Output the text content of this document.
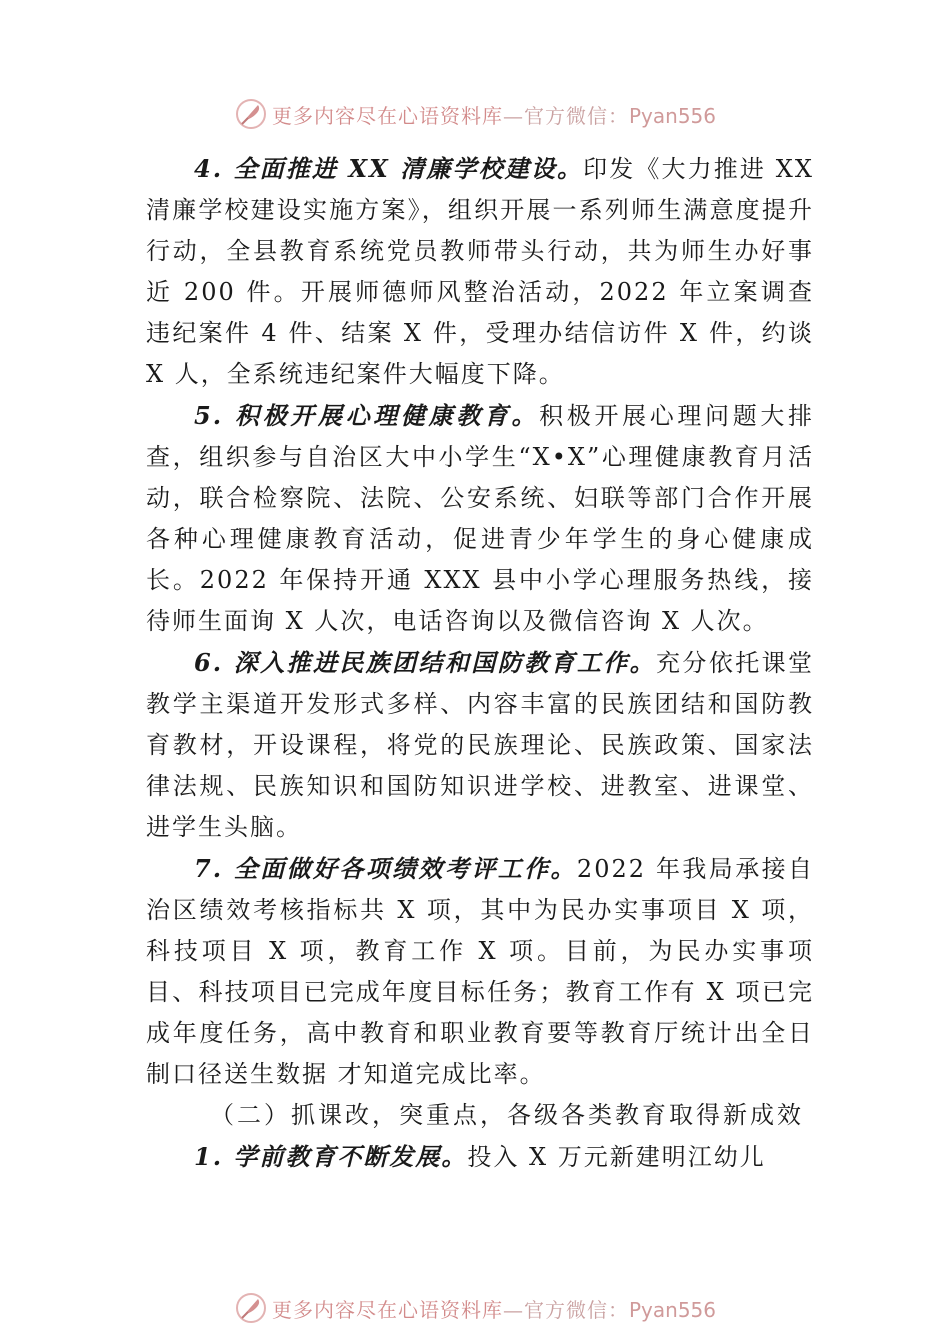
更多内容尽在心语资料库—官方微信：Pyan556

4. 全面推进 XX 清廉学校建设。印发《大力推进 XX 清廉学校建设实施方案》，组织开展一系列师生满意度提升行动，全县教育系统党员教师带头行动，共为师生办好事近 200 件。开展师德师风整治活动，2022 年立案调查违纪案件 4 件、结案 X 件，受理办结信访件 X 件，约谈 X 人，全系统违纪案件大幅度下降。

5. 积极开展心理健康教育。积极开展心理问题大排查，组织参与自治区大中小学生“X•X”心理健康教育月活动，联合检察院、法院、公安系统、妇联等部门合作开展各种心理健康教育活动，促进青少年学生的身心健康成长。2022 年保持开通 XXX 县中小学心理服务热线，接待师生面询 X 人次，电话咨询以及微信咨询 X 人次。

6. 深入推进民族团结和国防教育工作。充分依托课堂教学主渠道开发形式多样、内容丰富的民族团结和国防教育教材，开设课程，将党的民族理论、民族政策、国家法律法规、民族知识和国防知识进学校、进教室、进课堂、进学生头脑。

7. 全面做好各项绩效考评工作。2022 年我局承接自治区绩效考核指标共 X 项，其中为民办实事项目 X 项，科技项目 X 项，教育工作 X 项。目前，为民办实事项目、科技项目已完成年度目标任务；教育工作有 X 项已完成年度任务，高中教育和职业教育要等教育厅统计出全日制口径送生数据 才知道完成比率。

（二）抓课改，突重点，各级各类教育取得新成效

1. 学前教育不断发展。投入 X 万元新建明江幼儿

更多内容尽在心语资料库—官方微信：Pyan556
